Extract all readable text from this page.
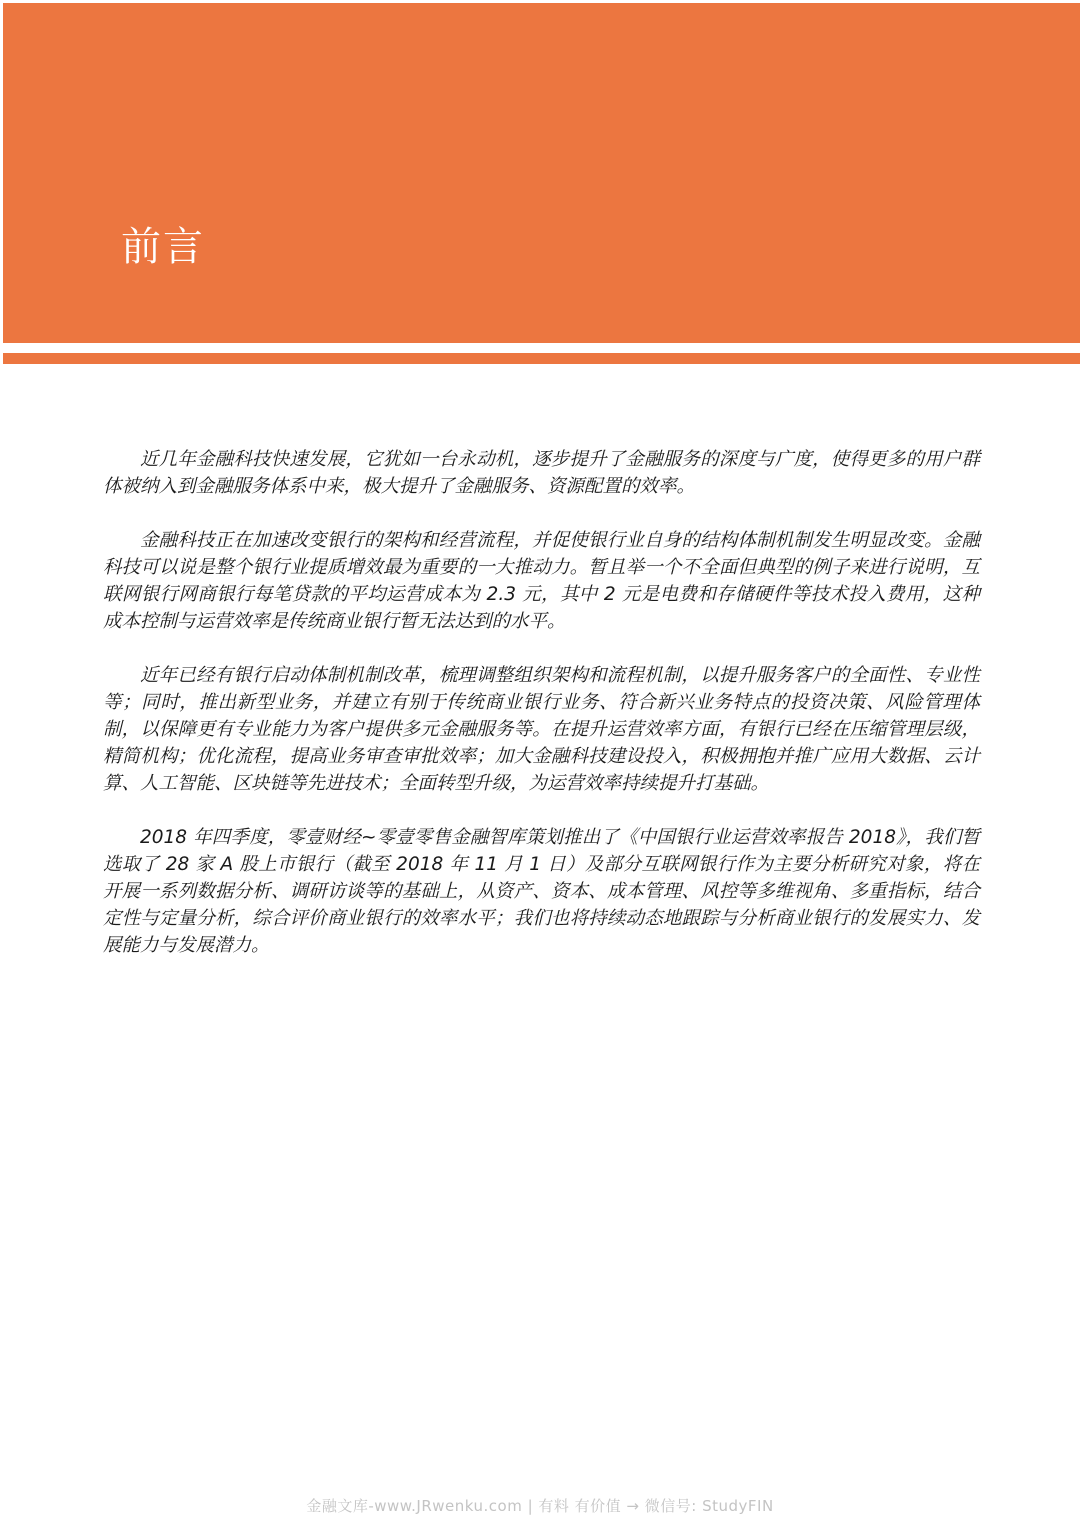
前言

近几年金融科技快速发展，它犹如一台永动机，逐步提升了金融服务的深度与广度，使得更多的用户群体被纳入到金融服务体系中来，极大提升了金融服务、资源配置的效率。

金融科技正在加速改变银行的架构和经营流程，并促使银行业自身的结构体制机制发生明显改变。金融科技可以说是整个银行业提质增效最为重要的一大推动力。暂且举一个不全面但典型的例子来进行说明，互联网银行网商银行每笔贷款的平均运营成本为 2.3 元，其中 2 元是电费和存储硬件等技术投入费用，这种成本控制与运营效率是传统商业银行暂无法达到的水平。

近年已经有银行启动体制机制改革，梳理调整组织架构和流程机制，以提升服务客户的全面性、专业性等；同时，推出新型业务，并建立有别于传统商业银行业务、符合新兴业务特点的投资决策、风险管理体制，以保障更有专业能力为客户提供多元金融服务等。在提升运营效率方面，有银行已经在压缩管理层级，精简机构；优化流程，提高业务审查审批效率；加大金融科技建设投入，积极拥抱并推广应用大数据、云计算、人工智能、区块链等先进技术；全面转型升级，为运营效率持续提升打基础。

2018 年四季度，零壹财经~零壹零售金融智库策划推出了《中国银行业运营效率报告 2018》，我们暂选取了 28 家 A 股上市银行（截至 2018 年 11 月 1 日）及部分互联网银行作为主要分析研究对象，将在开展一系列数据分析、调研访谈等的基础上，从资产、资本、成本管理、风控等多维视角、多重指标，结合定性与定量分析，综合评价商业银行的效率水平；我们也将持续动态地跟踪与分析商业银行的发展实力、发展能力与发展潜力。

金融文库-www.JRwenku.com | 有料 有价值 → 微信号: StudyFIN
